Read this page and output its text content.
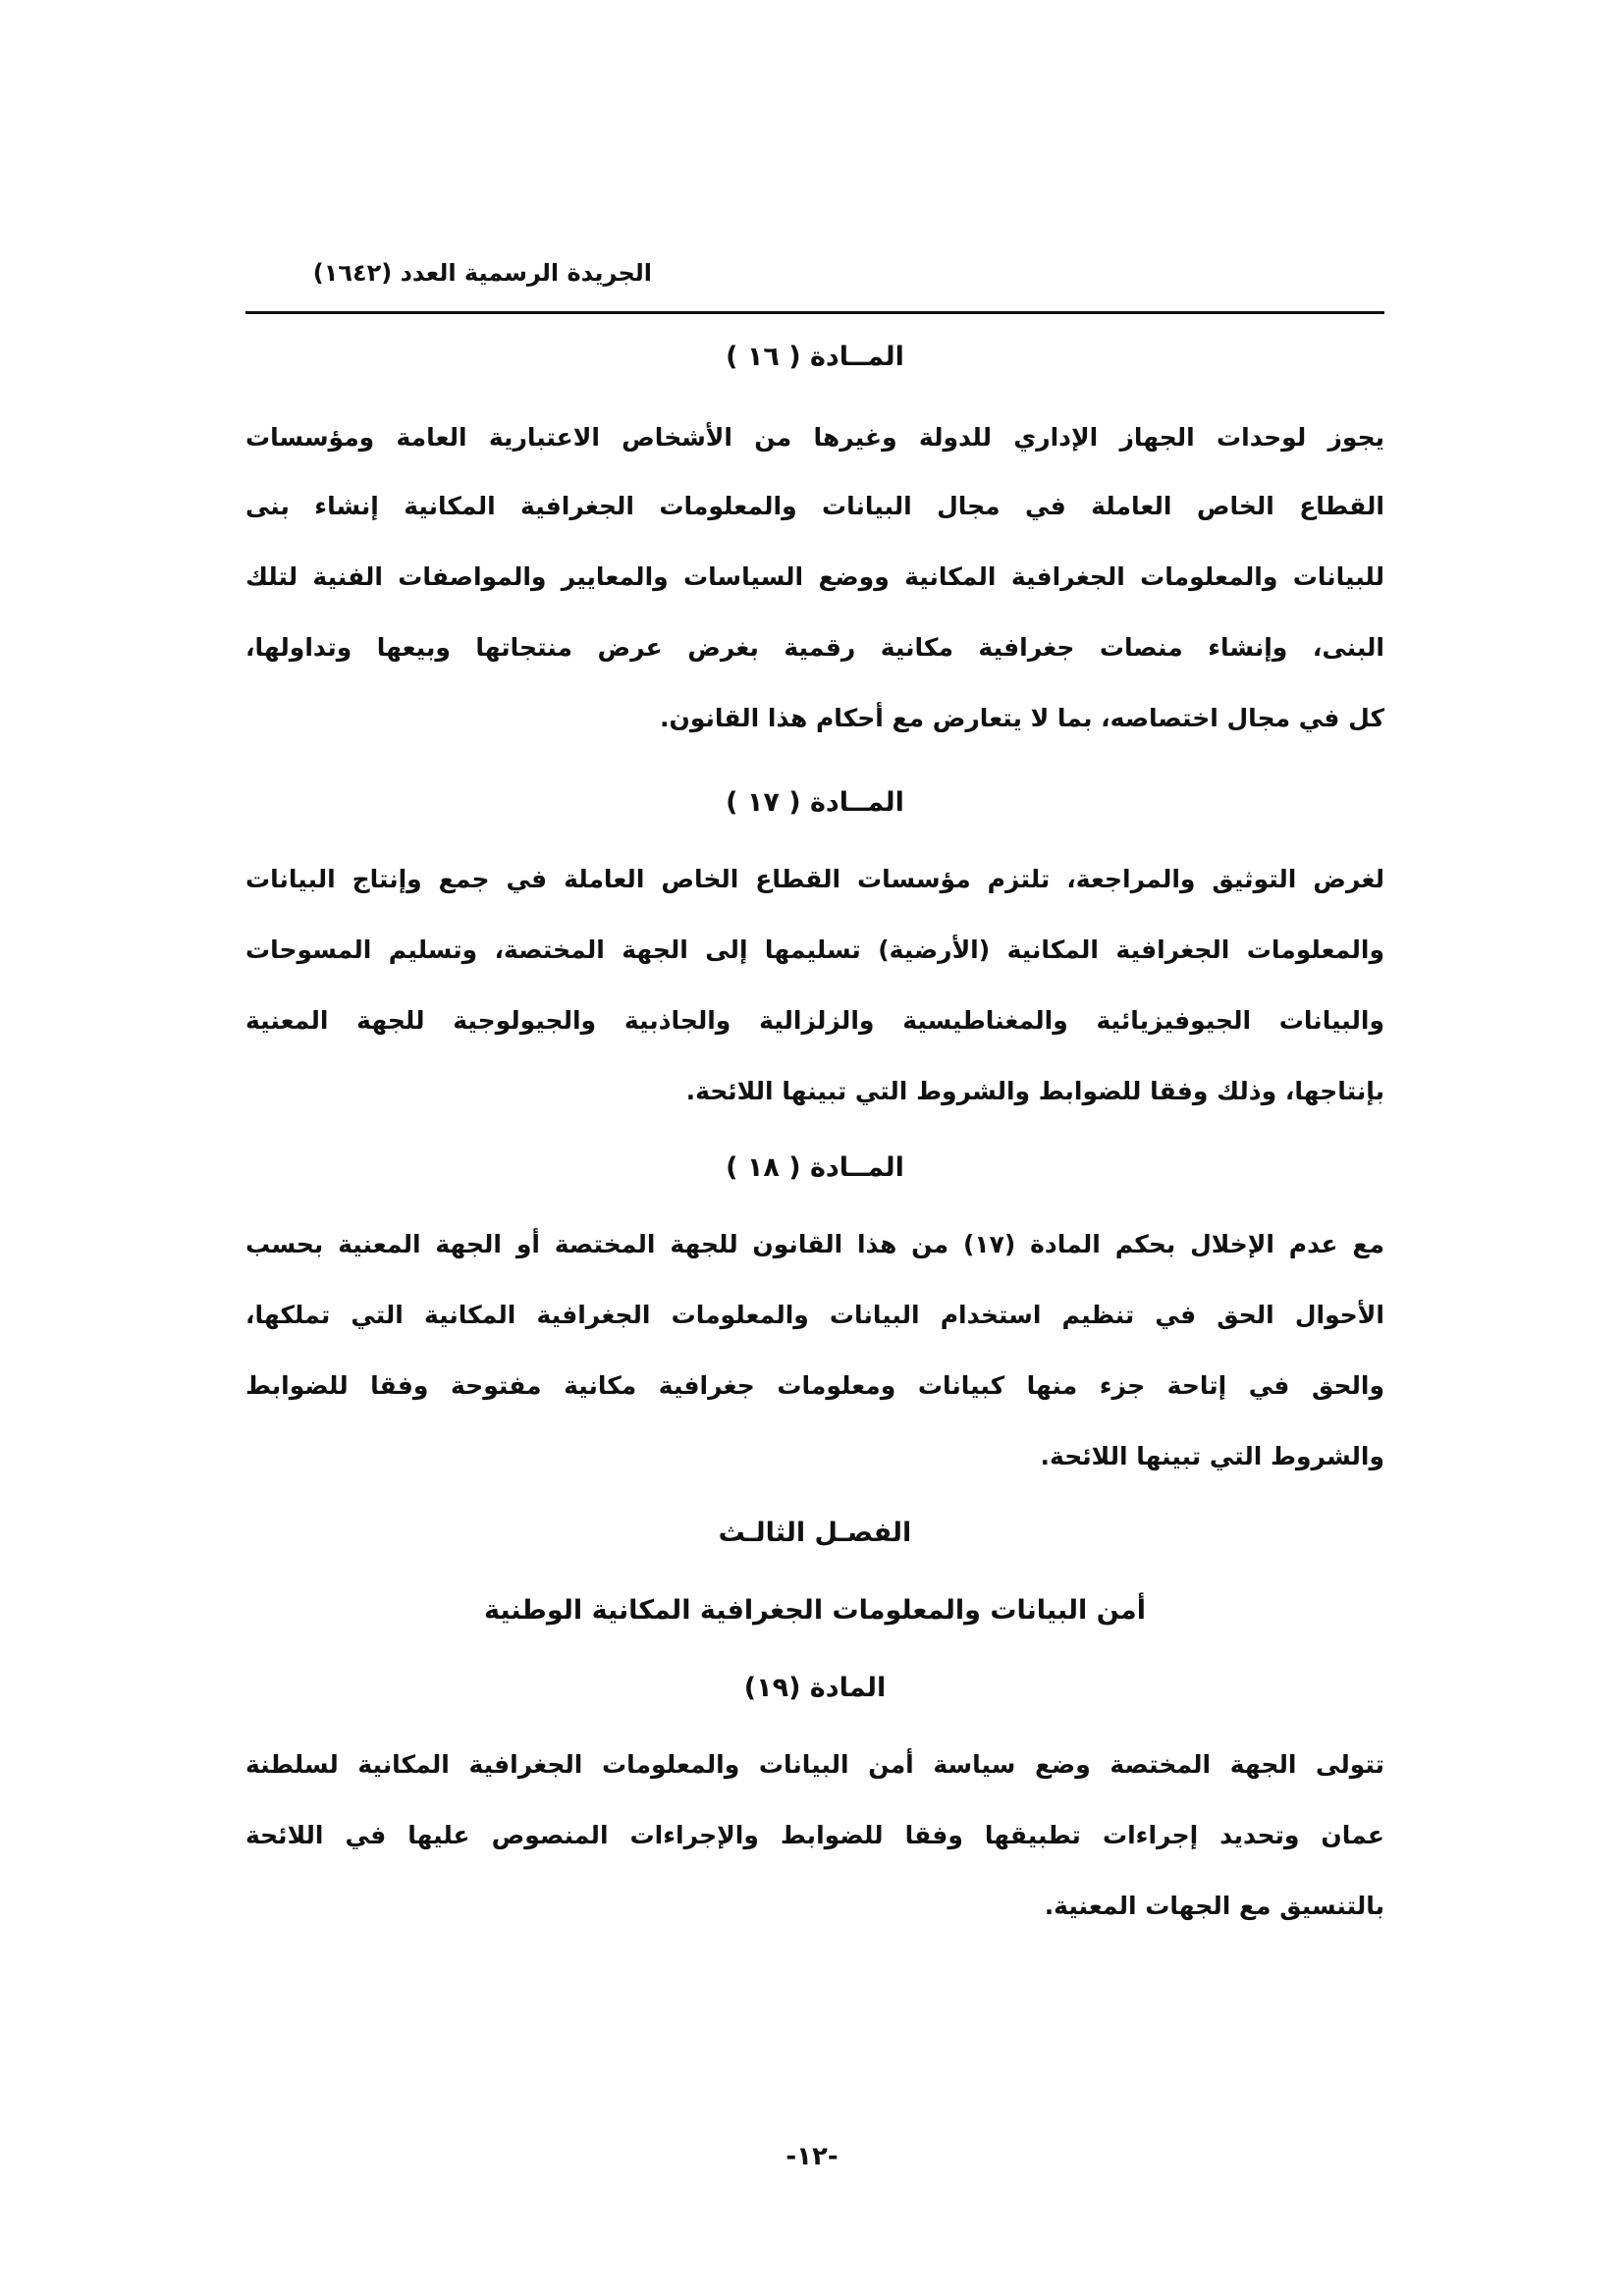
الجريدة الرسمية العدد (١٦٤٢)
المــادة ( ١٦ )
يجوز لوحدات الجهاز الإداري للدولة وغيرها من الأشخاص الاعتبارية العامة ومؤسسات
القطاع الخاص العاملة في مجال البيانات والمعلومات الجغرافية المكانية إنشاء بنى
للبيانات والمعلومات الجغرافية المكانية ووضع السياسات والمعايير والمواصفات الفنية لتلك
البنى، وإنشاء منصات جغرافية مكانية رقمية بغرض عرض منتجاتها وبيعها وتداولها،
كل في مجال اختصاصه، بما لا يتعارض مع أحكام هذا القانون.
المــادة ( ١٧ )
لغرض التوثيق والمراجعة، تلتزم مؤسسات القطاع الخاص العاملة في جمع وإنتاج البيانات
والمعلومات الجغرافية المكانية (الأرضية) تسليمها إلى الجهة المختصة، وتسليم المسوحات
والبيانات الجيوفيزيائية والمغناطيسية والزلزالية والجاذبية والجيولوجية للجهة المعنية
بإنتاجها، وذلك وفقا للضوابط والشروط التي تبينها اللائحة.
المــادة ( ١٨ )
مع عدم الإخلال بحكم المادة (١٧) من هذا القانون للجهة المختصة أو الجهة المعنية بحسب
الأحوال الحق في تنظيم استخدام البيانات والمعلومات الجغرافية المكانية التي تملكها،
والحق في إتاحة جزء منها كبيانات ومعلومات جغرافية مكانية مفتوحة وفقا للضوابط
والشروط التي تبينها اللائحة.
الفصـل الثالـث
أمن البيانات والمعلومات الجغرافية المكانية الوطنية
المادة (١٩)
تتولى الجهة المختصة وضع سياسة أمن البيانات والمعلومات الجغرافية المكانية لسلطنة
عمان وتحديد إجراءات تطبيقها وفقا للضوابط والإجراءات المنصوص عليها في اللائحة
بالتنسيق مع الجهات المعنية.
-١٢-
